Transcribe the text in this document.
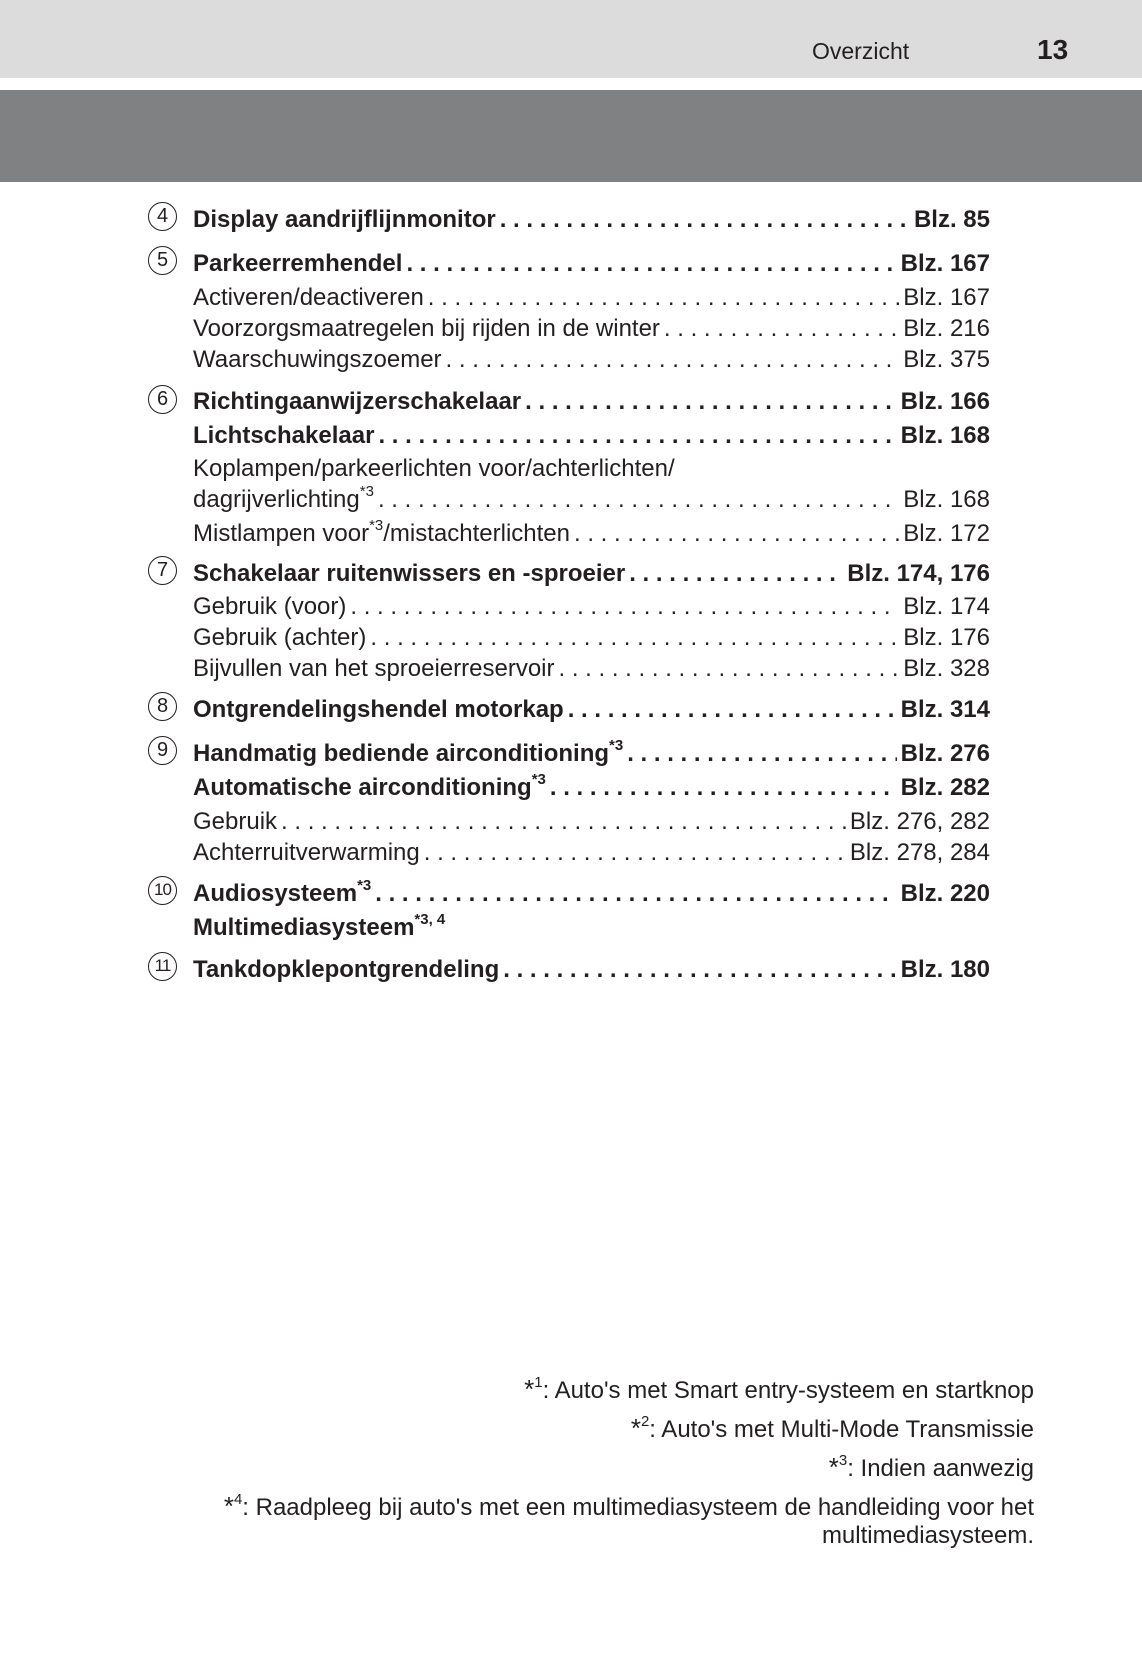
Overzicht	13
4	Display aandrijflijnmonitor . . .	Blz. 85
5	Parkeerremhendel . . .	Blz. 167
Activeren/deactiveren . . .	Blz. 167
Voorzorgsmaatregelen bij rijden in de winter . . .	Blz. 216
Waarschuwingszoemer . . .	Blz. 375
6	Richtingaanwijzerschakelaar . . .	Blz. 166
Lichtschakelaar . . .	Blz. 168
Koplampen/parkeerlichten voor/achterlichten/
dagrijverlichting$^{*3}$ . . .	Blz. 168
Mistlampen voor$^{*3}$/mistachterlichten . . .	Blz. 172
7	Schakelaar ruitenwissers en -sproeier . . .	Blz. 174, 176
Gebruik (voor) . . .	Blz. 174
Gebruik (achter) . . .	Blz. 176
Bijvullen van het sproeierreservoir . . .	Blz. 328
8	Ontgrendelingshendel motorkap . . .	Blz. 314
9	Handmatig bediende airconditioning$^{*3}$ . . .	Blz. 276
Automatische airconditioning$^{*3}$ . . .	Blz. 282
Gebruik . . .	Blz. 276, 282
Achterruitverwarming . . .	Blz. 278, 284
10 Audiosysteem$^{*3}$ . . .	Blz. 220
Multimediasysteem$^{*3, 4}$
11 Tankdopklepontgrendeling . . .	Blz. 180
*$^1$: Auto's met Smart entry-systeem en startknop
*$^2$: Auto's met Multi-Mode Transmissie
*$^3$: Indien aanwezig
*$^4$: Raadpleeg bij auto's met een multimediasysteem de handleiding voor het
multimediasysteem.
